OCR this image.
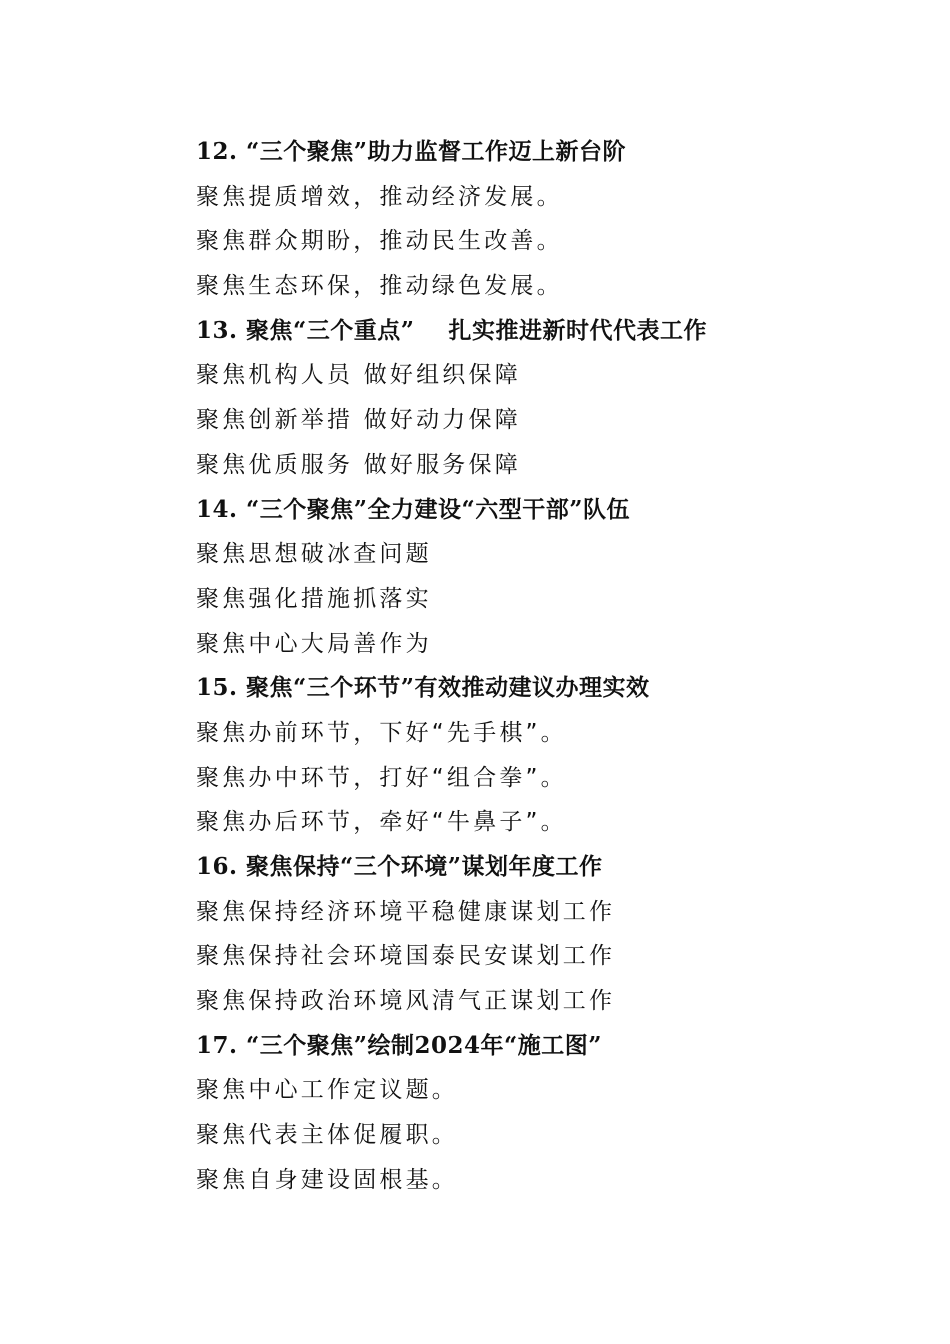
12. “三个聚焦”助力监督工作迈上新台阶
聚焦提质增效，推动经济发展。
聚焦群众期盼，推动民生改善。
聚焦生态环保，推动绿色发展。
13. 聚焦“三个重点”    扎实推进新时代代表工作
聚焦机构人员 做好组织保障
聚焦创新举措 做好动力保障
聚焦优质服务 做好服务保障
14. “三个聚焦”全力建设“六型干部”队伍
聚焦思想破冰查问题
聚焦强化措施抓落实
聚焦中心大局善作为
15. 聚焦“三个环节”有效推动建议办理实效
聚焦办前环节，下好“先手棋”。
聚焦办中环节，打好“组合拳”。
聚焦办后环节，牵好“牛鼻子”。
16. 聚焦保持“三个环境”谋划年度工作
聚焦保持经济环境平稳健康谋划工作
聚焦保持社会环境国泰民安谋划工作
聚焦保持政治环境风清气正谋划工作
17. “三个聚焦”绘制2024年“施工图”
聚焦中心工作定议题。
聚焦代表主体促履职。
聚焦自身建设固根基。
